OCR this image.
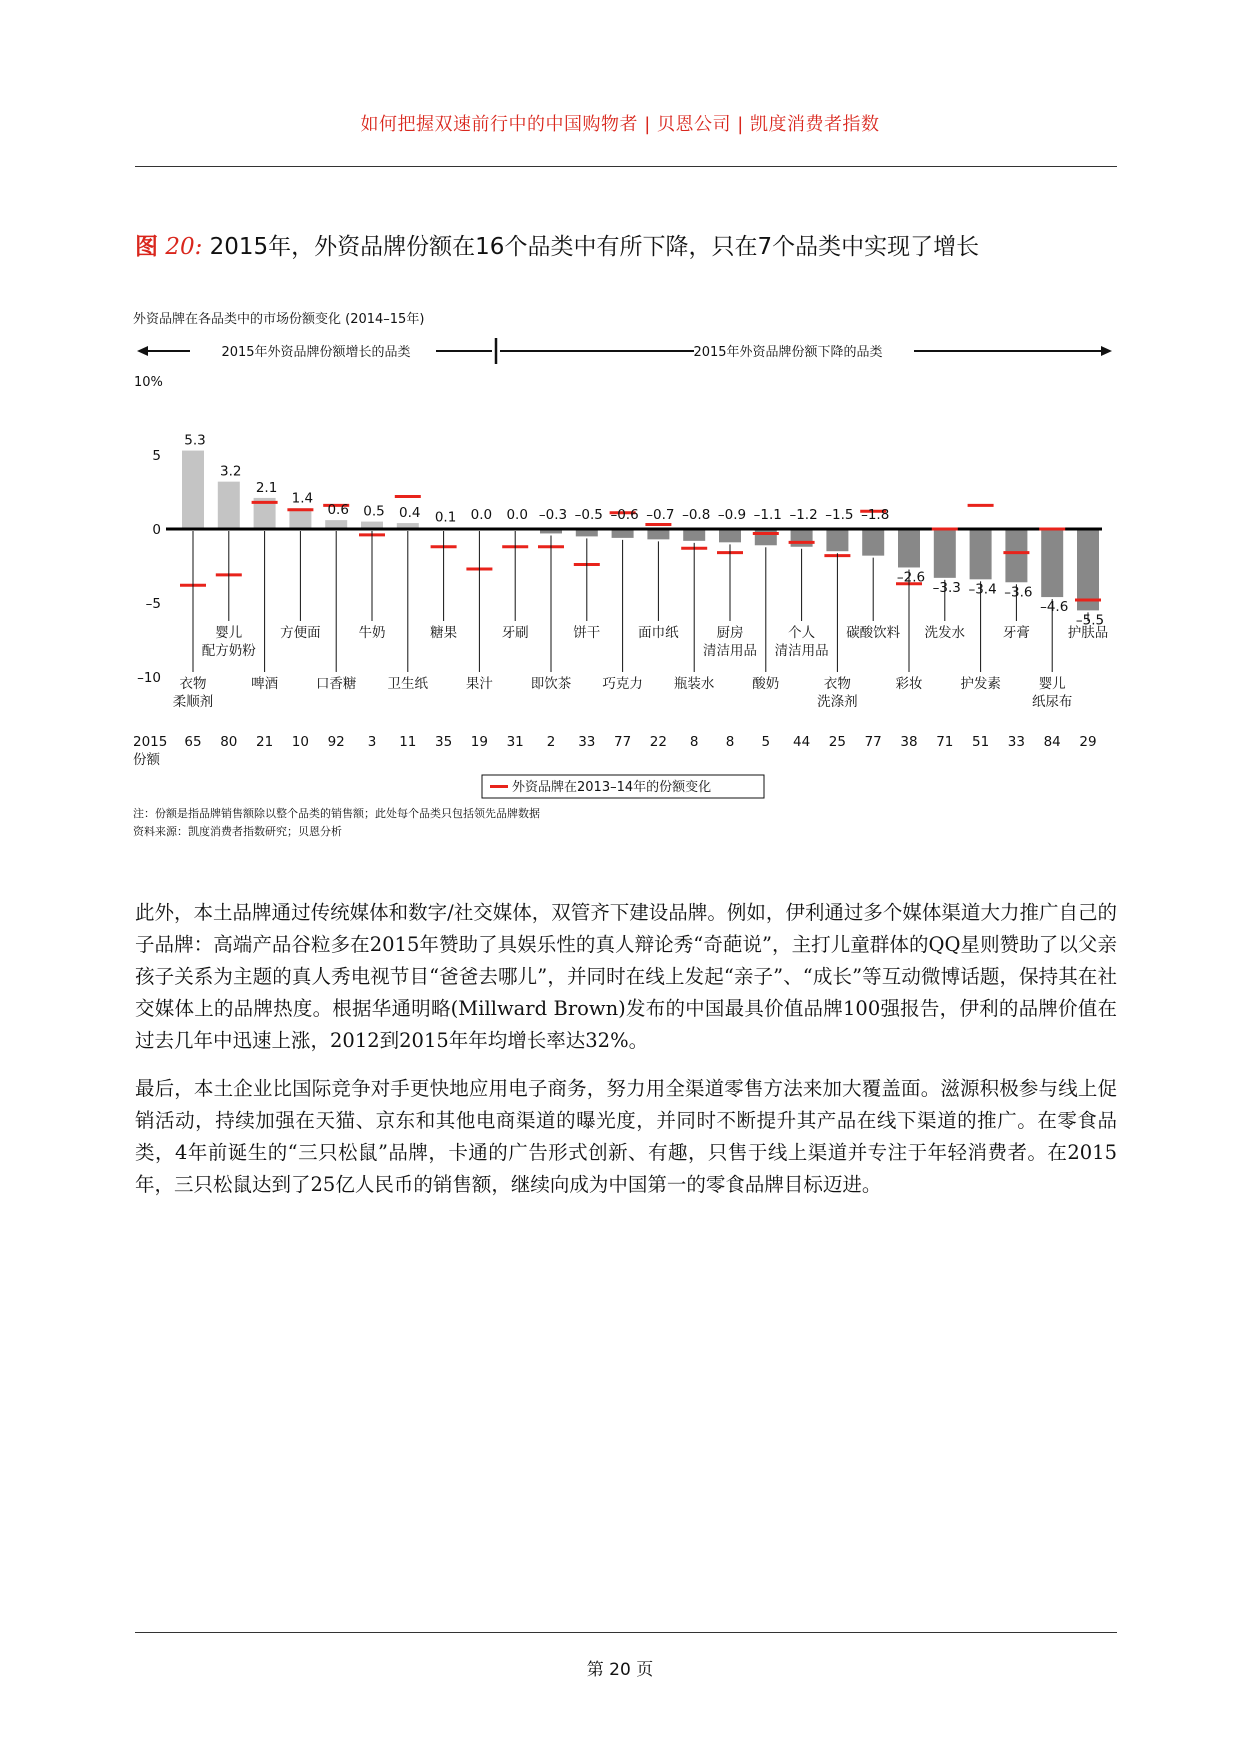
如何把握双速前行中的中国购物者 | 贝恩公司 | 凯度消费者指数
图 20: 2015年，外资品牌份额在16个品类中有所下降，只在7个品类中实现了增长
外资品牌在各品类中的市场份额变化 (2014–15年)
2015年外资品牌份额增长的品类	2015年外资品牌份额下降的品类
10%
5
0
–5
–10
5.3
3.2
2.1
1.4
0.6 0.5 0.4 0.1 0.0 0.0 –0.3 –0.5 –0.6 –0.7 –0.8 –0.9 –1.1 –1.2 –1.5 –1.8
–2.6
–3.3 –3.4 –3.6
–4.6
–5.5
衣物
柔顺剂
婴儿
配方奶粉
啤酒
方便面
口香糖
牛奶
卫生纸
糖果
果汁
牙刷
即饮茶
饼干
巧克力
面巾纸
瓶装水
厨房
清洁用品
酸奶
个人
清洁用品
衣物
洗涤剂
碳酸饮料
彩妆
洗发水
护发素
牙膏
婴儿
纸尿布
护肤品
65 80 21 10 92 3 11 35 19 31 2 33 77 22 8 8 5 44 25 77 38 71 51 33 84 29
2015
份额
外资品牌在2013–14年的份额变化
注：份额是指品牌销售额除以整个品类的销售额；此处每个品类只包括领先品牌数据
资料来源：凯度消费者指数研究；贝恩分析

此外，本土品牌通过传统媒体和数字/社交媒体，双管齐下建设品牌。例如，伊利通过多个媒体渠道大力推广自己的子品牌：高端产品谷粒多在2015年赞助了具娱乐性的真人辩论秀“奇葩说”，主打儿童群体的QQ星则赞助了以父亲孩子关系为主题的真人秀电视节目“爸爸去哪儿”，并同时在线上发起“亲子”、“成长”等互动微博话题，保持其在社交媒体上的品牌热度。根据华通明略(Millward Brown)发布的中国最具价值品牌100强报告，伊利的品牌价值在过去几年中迅速上涨，2012到2015年年均增长率达32%。

最后，本土企业比国际竞争对手更快地应用电子商务，努力用全渠道零售方法来加大覆盖面。滋源积极参与线上促销活动，持续加强在天猫、京东和其他电商渠道的曝光度，并同时不断提升其产品在线下渠道的推广。在零食品类，4年前诞生的“三只松鼠”品牌，卡通的广告形式创新、有趣，只售于线上渠道并专注于年轻消费者。在2015年，三只松鼠达到了25亿人民币的销售额，继续向成为中国第一的零食品牌目标迈进。

第 20 页
